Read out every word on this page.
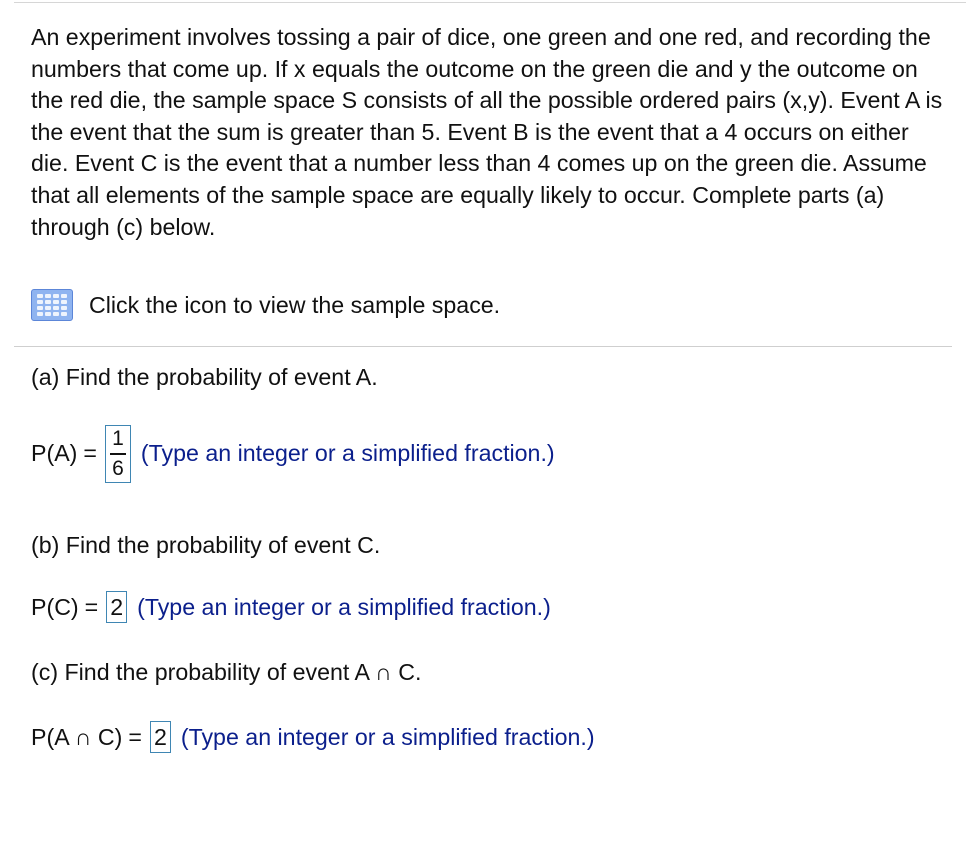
An experiment involves tossing a pair of dice, one green and one red, and recording the numbers that come up. If x equals the outcome on the green die and y the outcome on the red die, the sample space S consists of all the possible ordered pairs (x,y). Event A is the event that the sum is greater than 5. Event B is the event that a 4 occurs on either die. Event C is the event that a number less than 4 comes up on the green die. Assume that all elements of the sample space are equally likely to occur. Complete parts (a) through (c) below.

Click the icon to view the sample space.
(a) Find the probability of event A.
$P(A) = \frac{1}{6}$ (Type an integer or a simplified fraction.)
(b) Find the probability of event C.
P(C) = 2 (Type an integer or a simplified fraction.)
(c) Find the probability of event A ∩ C.
P(A ∩ C) = 2 (Type an integer or a simplified fraction.)
